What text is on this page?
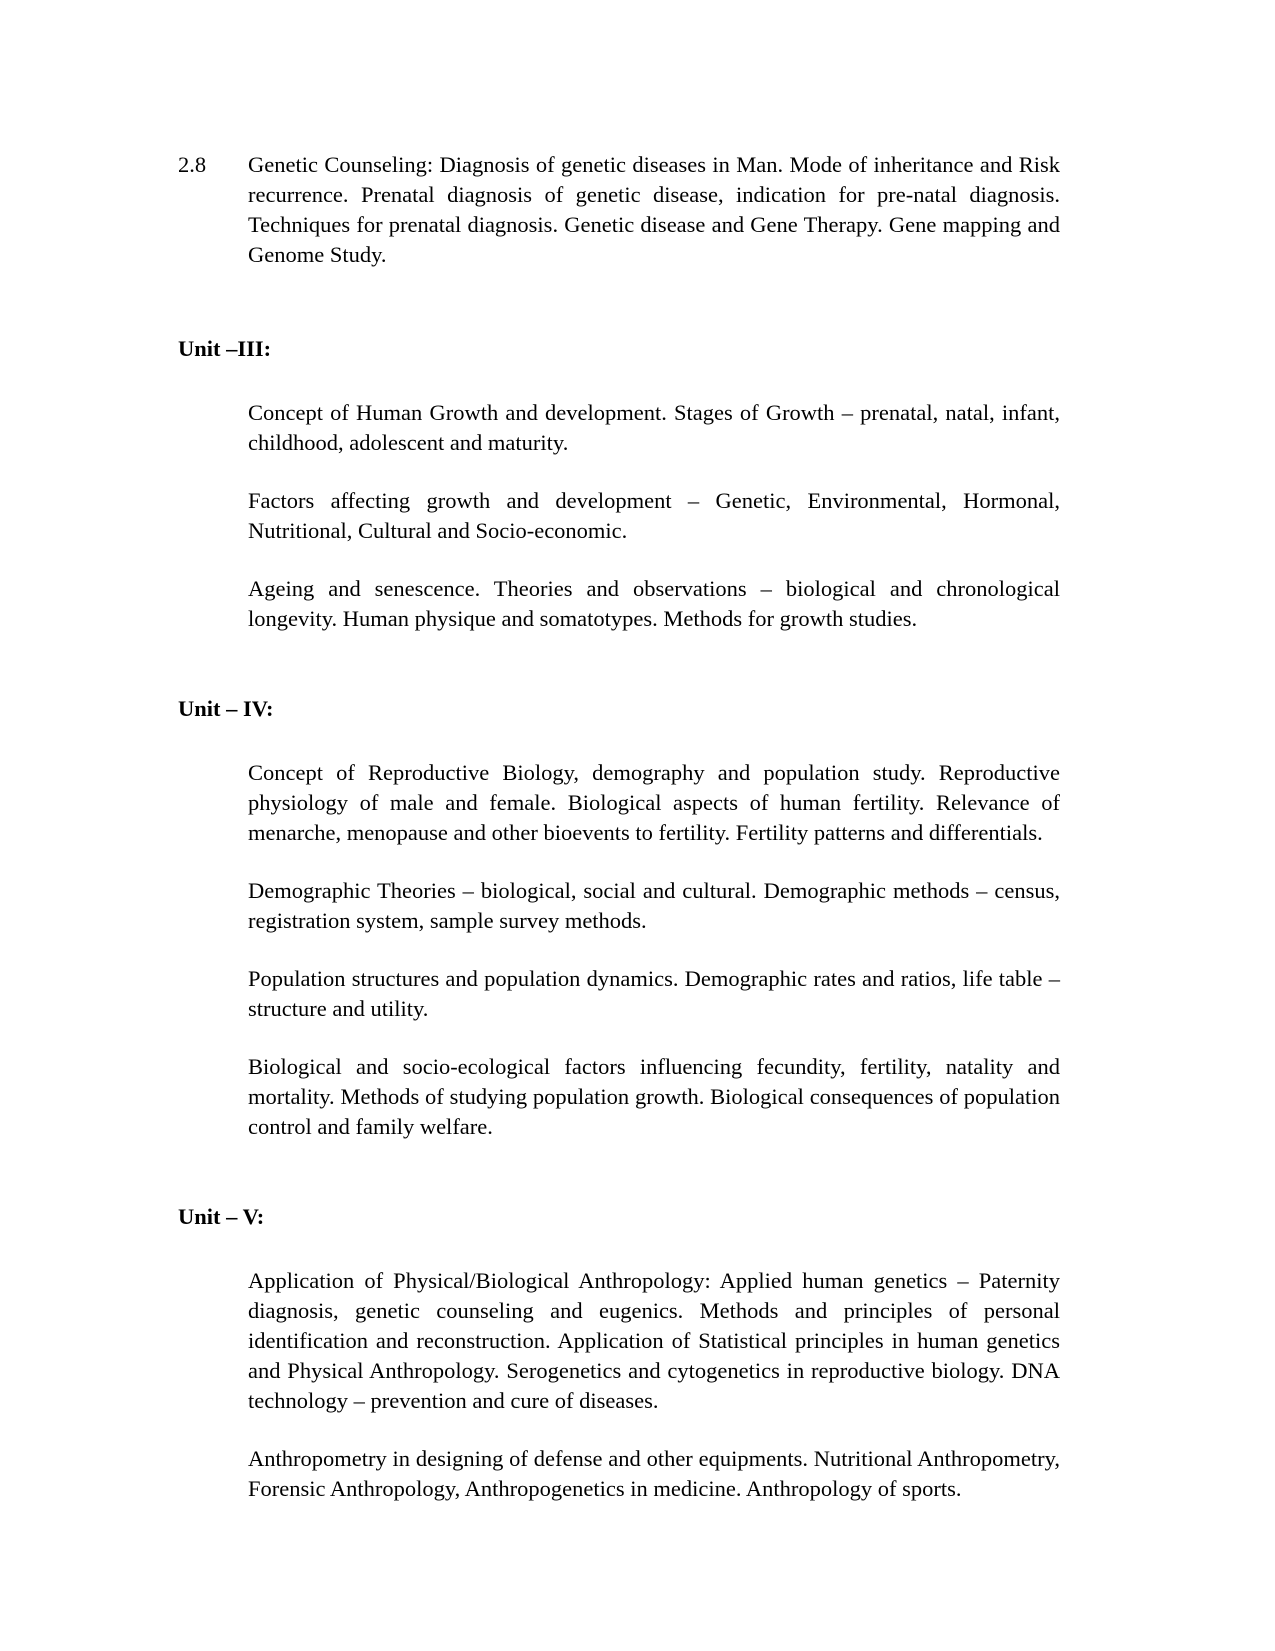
2.8	Genetic Counseling: Diagnosis of genetic diseases in Man. Mode of inheritance and Risk recurrence. Prenatal diagnosis of genetic disease, indication for pre-natal diagnosis. Techniques for prenatal diagnosis. Genetic disease and Gene Therapy. Gene mapping and Genome Study.
Unit –III:

Concept of Human Growth and development. Stages of Growth – prenatal, natal, infant, childhood, adolescent and maturity.

Factors affecting growth and development – Genetic, Environmental, Hormonal, Nutritional, Cultural and Socio-economic.

Ageing and senescence. Theories and observations – biological and chronological longevity. Human physique and somatotypes. Methods for growth studies.

Unit – IV:

Concept of Reproductive Biology, demography and population study. Reproductive physiology of male and female. Biological aspects of human fertility. Relevance of menarche, menopause and other bioevents to fertility. Fertility patterns and differentials.

Demographic Theories – biological, social and cultural. Demographic methods – census, registration system, sample survey methods.

Population structures and population dynamics. Demographic rates and ratios, life table – structure and utility.

Biological and socio-ecological factors influencing fecundity, fertility, natality and mortality. Methods of studying population growth. Biological consequences of population control and family welfare.

Unit – V:

Application of Physical/Biological Anthropology: Applied human genetics – Paternity diagnosis, genetic counseling and eugenics. Methods and principles of personal identification and reconstruction. Application of Statistical principles in human genetics and Physical Anthropology. Serogenetics and cytogenetics in reproductive biology. DNA technology – prevention and cure of diseases.

Anthropometry in designing of defense and other equipments. Nutritional Anthropometry, Forensic Anthropology, Anthropogenetics in medicine. Anthropology of sports.
